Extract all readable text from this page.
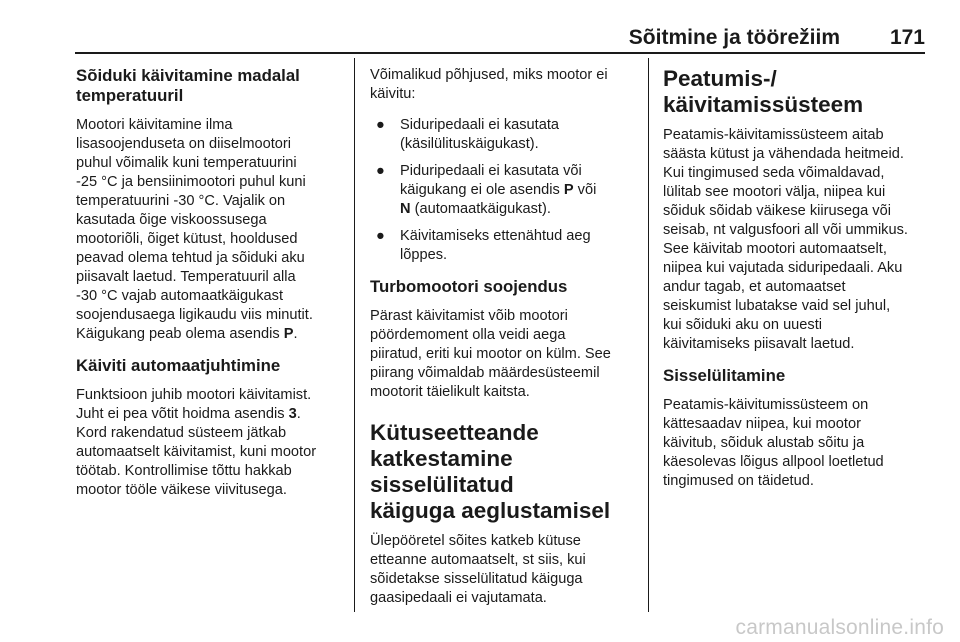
Sõitmine ja töörežiim 171
Sõiduki käivitamine madalal
temperatuuril

Mootori käivitamine ilma
lisasoojenduseta on diiselmootori
puhul võimalik kuni temperatuurini
-25 °C ja bensiinimootori puhul kuni
temperatuurini -30 °C. Vajalik on
kasutada õige viskoossusega
mootoriõli, õiget kütust, hooldused
peavad olema tehtud ja sõiduki aku
piisavalt laetud. Temperatuuril alla
-30 °C vajab automaatkäigukast
soojendusaega ligikaudu viis minutit.
Käigukang peab olema asendis P.

Käiviti automaatjuhtimine

Funktsioon juhib mootori käivitamist.
Juht ei pea võtit hoidma asendis 3.
Kord rakendatud süsteem jätkab
automaatselt käivitamist, kuni mootor
töötab. Kontrollimise tõttu hakkab
mootor tööle väikese viivitusega.

Võimalikud põhjused, miks mootor ei
käivitu:

● Siduripedaali ei kasutata
(käsilülituskäigukast).
● Piduripedaali ei kasutata või
käigukang ei ole asendis P või
N (automaatkäigukast).
● Käivitamiseks ettenähtud aeg
lõppes.
Turbomootori soojendus

Pärast käivitamist võib mootori
pöördemoment olla veidi aega
piiratud, eriti kui mootor on külm. See
piirang võimaldab määrdesüsteemil
mootorit täielikult kaitsta.

Kütuseetteande
katkestamine sisselülitatud
käiguga aeglustamisel

Ülepööretel sõites katkeb kütuse
etteanne automaatselt, st siis, kui
sõidetakse sisselülitatud käiguga
gaasipedaali ei vajutamata.

Peatumis-/
käivitamissüsteem

Peatamis-käivitamissüsteem aitab
säästa kütust ja vähendada heitmeid.
Kui tingimused seda võimaldavad,
lülitab see mootori välja, niipea kui
sõiduk sõidab väikese kiirusega või
seisab, nt valgusfoori all või ummikus.
See käivitab mootori automaatselt,
niipea kui vajutada siduripedaali. Aku
andur tagab, et automaatset
seiskumist lubatakse vaid sel juhul,
kui sõiduki aku on uuesti
käivitamiseks piisavalt laetud.

Sisselülitamine

Peatamis-käivitumissüsteem on
kättesaadav niipea, kui mootor
käivitub, sõiduk alustab sõitu ja
käesolevas lõigus allpool loetletud
tingimused on täidetud.

carmanualsonline.info
